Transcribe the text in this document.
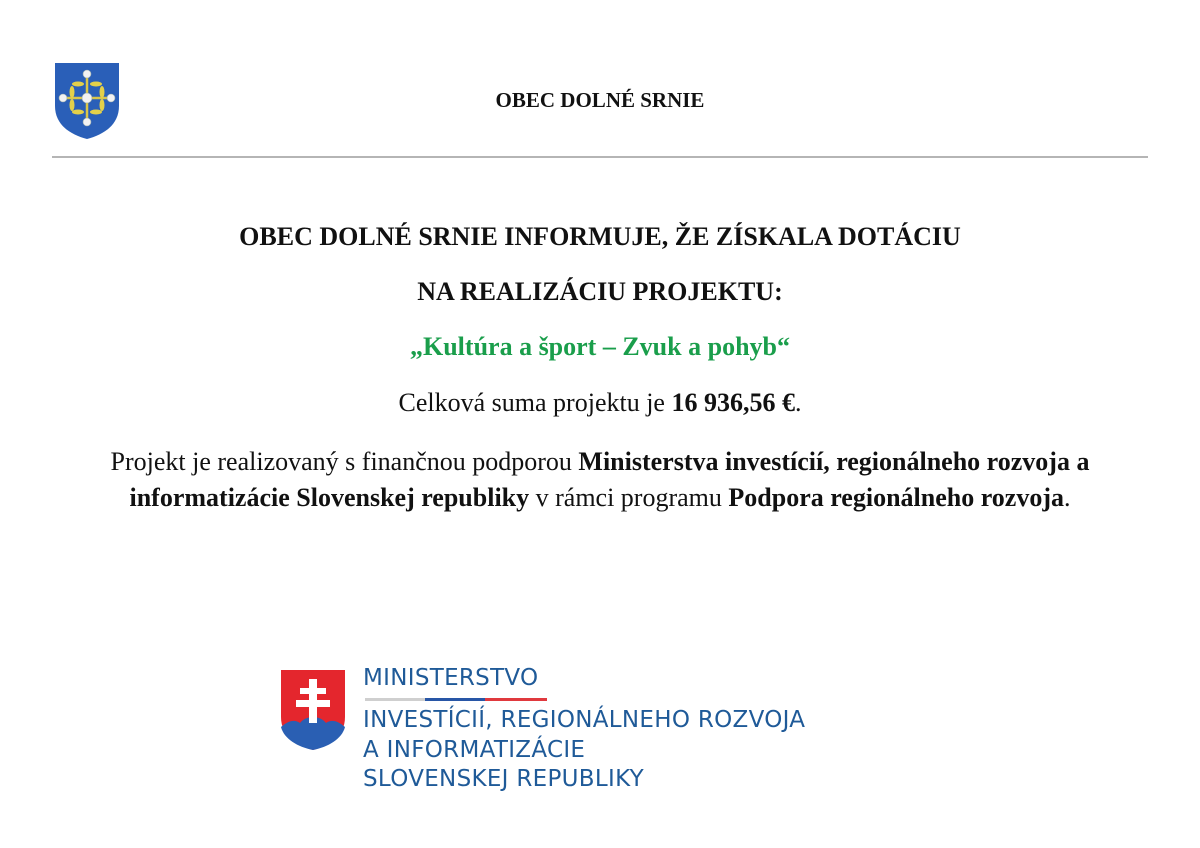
OBEC DOLNÉ SRNIE
OBEC DOLNÉ SRNIE INFORMUJE, ŽE ZÍSKALA DOTÁCIU
NA REALIZÁCIU PROJEKTU:
„Kultúra a šport – Zvuk a pohyb“
Celková suma projektu je 16 936,56 €.
Projekt je realizovaný s finančnou podporou Ministerstva investícií, regionálneho rozvoja a informatizácie Slovenskej republiky v rámci programu Podpora regionálneho rozvoja.
MINISTERSTVO
INVESTÍCIÍ, REGIONÁLNEHO ROZVOJA
A INFORMATIZÁCIE
SLOVENSKEJ REPUBLIKY
